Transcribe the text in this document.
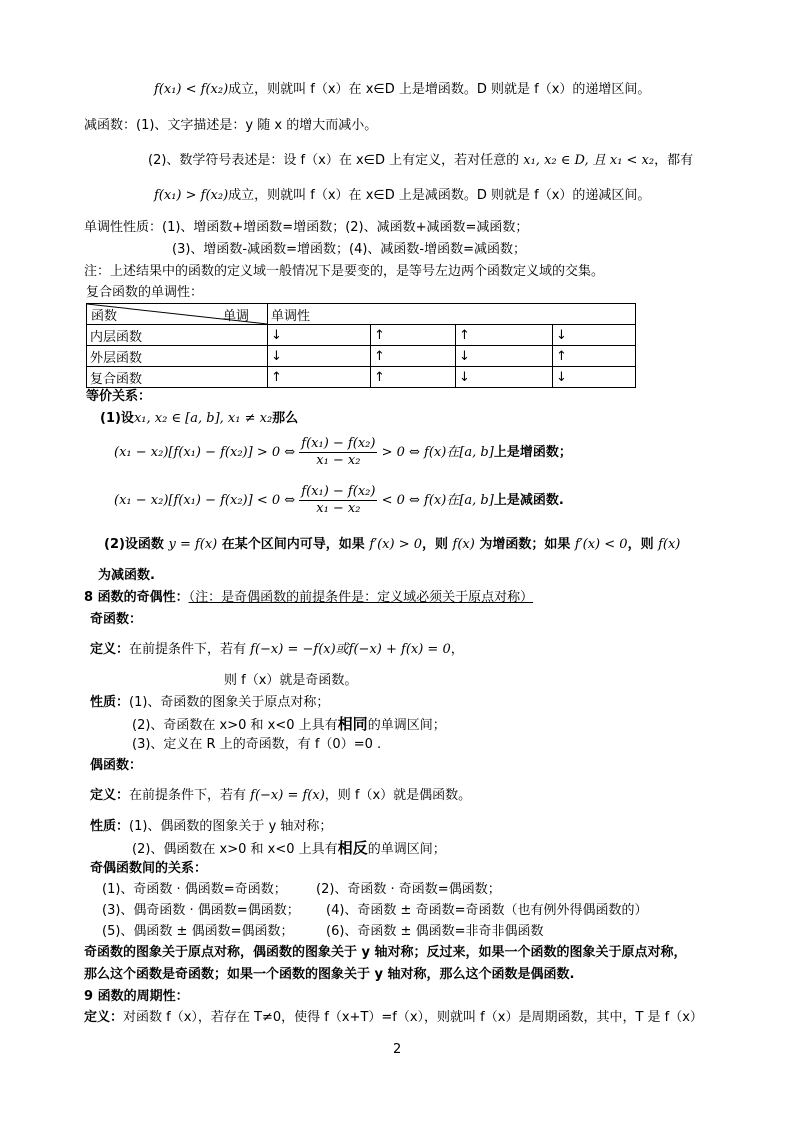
f(x₁) < f(x₂)成立，则就叫 f（x）在 x∈D 上是增函数。D 则就是 f（x）的递增区间。
减函数：(1)、文字描述是：y 随 x 的增大而减小。
(2)、数学符号表述是：设 f（x）在 x∈D 上有定义，若对任意的 x₁, x₂ ∈ D, 且 x₁ < x₂，都有
f(x₁) > f(x₂)成立，则就叫 f（x）在 x∈D 上是减函数。D 则就是 f（x）的递减区间。
单调性性质：(1)、增函数+增函数=增函数；(2)、减函数+减函数=减函数；
(3)、增函数-减函数=增函数；(4)、减函数-增函数=减函数；
注：上述结果中的函数的定义域一般情况下是要变的，是等号左边两个函数定义域的交集。
复合函数的单调性：
函数 单调	单调性			
内层函数	↓	↑	↑	↓
外层函数	↓	↑	↓	↑
复合函数	↑	↑	↓	↓
等价关系：
(1)设x₁, x₂ ∈ [a, b], x₁ ≠ x₂那么
(x₁ − x₂)[f(x₁) − f(x₂)] > 0 ⇔ $\frac{\text{f(x₁) − f(x₂)}}{\text{x₁ − x₂}} > 0$ ⇔ f(x)在[a, b]上是增函数；
(x₁ − x₂)[f(x₁) − f(x₂)] < 0 ⇔ $\frac{\text{f(x₁) − f(x₂)}}{\text{x₁ − x₂}} < 0$ ⇔ f(x)在[a, b]上是减函数.
(2)设函数 y = f(x) 在某个区间内可导，如果 f′(x) > 0，则 f(x) 为增函数；如果 f′(x) < 0，则 f(x)
为减函数.
8 函数的奇偶性：（注：是奇偶函数的前提条件是：定义域必须关于原点对称）
奇函数：
定义：在前提条件下，若有 f(−x) = −f(x)或f(−x) + f(x) = 0，
则 f（x）就是奇函数。
性质：(1)、奇函数的图象关于原点对称；
(2)、奇函数在 x>0 和 x<0 上具有相同的单调区间；
(3)、定义在 R 上的奇函数，有 f（0）=0 .
偶函数：
定义：在前提条件下，若有 f(−x) = f(x)，则 f（x）就是偶函数。
性质：(1)、偶函数的图象关于 y 轴对称；
(2)、偶函数在 x>0 和 x<0 上具有相反的单调区间；
奇偶函数间的关系：
(1)、奇函数 · 偶函数=奇函数； (2)、奇函数 · 奇函数=偶函数；
(3)、偶奇函数 · 偶函数=偶函数； (4)、奇函数 ± 奇函数=奇函数（也有例外得偶函数的）
(5)、偶函数 ± 偶函数=偶函数；	(6)、奇函数 ± 偶函数=非奇非偶函数
奇函数的图象关于原点对称，偶函数的图象关于 y 轴对称；反过来，如果一个函数的图象关于原点对称，
那么这个函数是奇函数；如果一个函数的图象关于 y 轴对称，那么这个函数是偶函数.
9 函数的周期性：
定义：对函数 f（x），若存在 T≠0，使得 f（x+T）=f（x），则就叫 f（x）是周期函数，其中，T 是 f（x）
2
